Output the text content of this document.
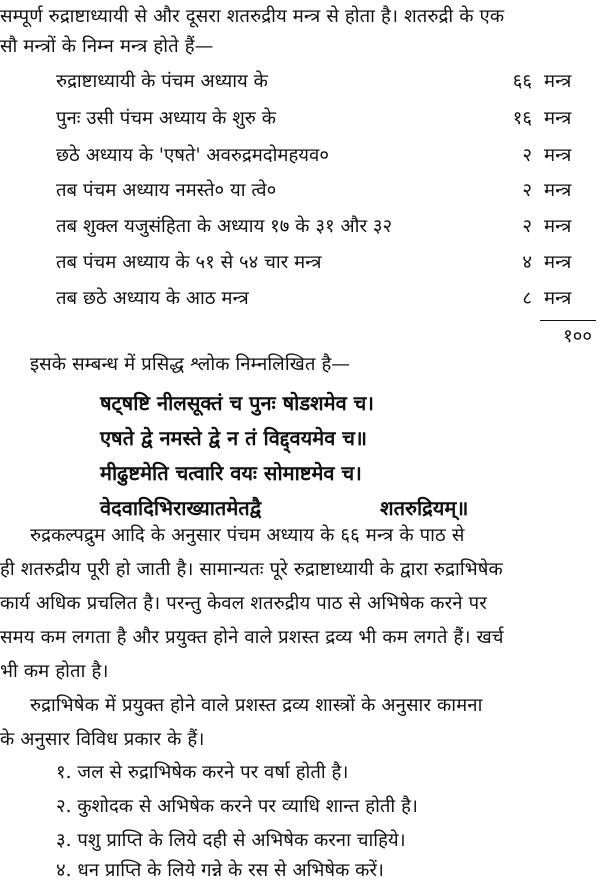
सम्पूर्ण रुद्राष्टाध्यायी से और दूसरा शतरुद्रीय मन्त्र से होता है। शतरुद्री के एक
सौ मन्त्रों के निम्न मन्त्र होते हैं—
रुद्राष्टाध्यायी के पंचम अध्याय के	६६ मन्त्र
पुनः उसी पंचम अध्याय के शुरु के	१६ मन्त्र
छठे अध्याय के 'एषते' अवरुद्रमदोमहयव०	२ मन्त्र
तब पंचम अध्याय नमस्ते० या त्वे०	२ मन्त्र
तब शुक्ल यजुसंहिता के अध्याय १७ के ३१ और ३२	२ मन्त्र
तब पंचम अध्याय के ५१ से ५४ चार मन्त्र	४ मन्त्र
तब छठे अध्याय के आठ मन्त्र	८ मन्त्र
१००
इसके सम्बन्ध में प्रसिद्ध श्लोक निम्नलिखित है—
षट्षष्टि नीलसूक्तं च पुनः षोडशमेव च।
एषते द्वे नमस्ते द्वे न तं विद्द्वयमेव च॥
मीढुष्टमेति चत्वारि वयः सोमाष्टमेव च।
वेदवादिभिराख्यातमेतद्वै	शतरुद्रियम्॥
रुद्रकल्पद्रुम आदि के अनुसार पंचम अध्याय के ६६ मन्त्र के पाठ से
ही शतरुद्रीय पूरी हो जाती है। सामान्यतः पूरे रुद्राष्टाध्यायी के द्वारा रुद्राभिषेक
कार्य अधिक प्रचलित है। परन्तु केवल शतरुद्रीय पाठ से अभिषेक करने पर
समय कम लगता है और प्रयुक्त होने वाले प्रशस्त द्रव्य भी कम लगते हैं। खर्च
भी कम होता है।
रुद्राभिषेक में प्रयुक्त होने वाले प्रशस्त द्रव्य शास्त्रों के अनुसार कामना
के अनुसार विविध प्रकार के हैं।
१. जल से रुद्राभिषेक करने पर वर्षा होती है।
२. कुशोदक से अभिषेक करने पर व्याधि शान्त होती है।
३. पशु प्राप्ति के लिये दही से अभिषेक करना चाहिये।
४. धन प्राप्ति के लिये गन्ने के रस से अभिषेक करें।
